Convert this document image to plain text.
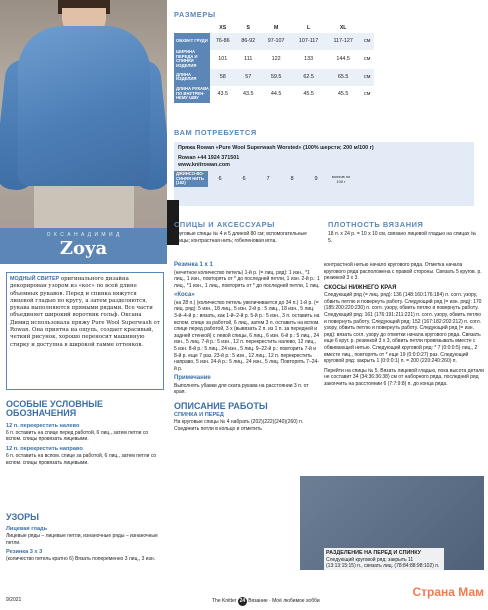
О К С А Н А Д И М И Д
Zoya
МОДНЫЙ СВИТЕР оригинального дизайна декорирован узором из «кос» по всей длине объемных рукавов. Перед и спинка вяжутся лицевой гладью по кругу, а затем разделяются, рукава выполняются прямыми рядами. Все части объединяет широкий воротник гольф. Оксана Димид использовала пряжу Pure Wool Superwash от Rowan. Она приятна на ощупь, создает красивый, четкий рисунок, хорошо переносит машинную стирку и доступна в широкой гамме оттенков.
ОСОБЫЕ УСЛОВНЫЕ ОБОЗНАЧЕНИЯ
12 п. перекрестить налево
6 п. оставить на спице перед работой, 6 лиц., затем петли со вспом. спицы провязать лицевыми.
12 п. перекрестить направо
6 п. оставить на вспом. спице за работой, 6 лиц., затем петли со вспом. спицы провязать лицевыми.
УЗОРЫ
Лицевая гладь
Лицевые ряды – лицевые петли, изнаночные ряды – изнаночные петли.
Резинка 3 х 3
(количество петель кратно 6) Вязать попеременно 3 лиц., 3 изн.
РАЗМЕРЫ
	XS	S	M	L	XL	
ОБХВАТ ГРУДИ	76-86	86-92	97-107	107-117	117-127	см
ШИРИНА ПЕРЕДА И СПИНКИ ИЗДЕЛИЯ	101	111	122	133	144.5	см
ДЛИНА ИЗДЕЛИЯ	58	57	59.5	62.5	65.5	см
ДЛИНА РУКАВА ПО ВНУТРЕН-НЕМУ ШВУ	43.5	43.5	44.5	45.5	45.5	см
ВАМ ПОТРЕБУЕТСЯ
Пряжа Rowan «Pure Wool Superwash Worsted» (100% шерсти; 200 м/100 г)
Rowan +44 1924 371501
www.knitrowan.com
ДЖИНСО-ВО-СИНЯЯ НИТЬ (162)	6	6	7	8	9	мотков по 100 г
СПИЦЫ И АКСЕССУАРЫ
Круговые спицы № 4 и 5 длиной 80 см; вспомогательные спицы; контрастная нить; гобеленовая игла.
ПЛОТНОСТЬ ВЯЗАНИЯ
18 п. х 24 р. = 10 х 10 см, связано лицевой гладью на спицах № 5.
Резинка 1 х 1
(нечетное количество петель) 1-й р. (= лиц. ряд): 1 изн., *1 лиц., 1 изн., повторять от * до последней петли, 1 изн. 2-й р.: 1 лиц., *1 изн., 1 лиц., повторять от * до последней петли, 1 лиц.
«Коса»
(на 28 п.) (количество петель увеличивается до 34 п.) 1-й р. (= лиц. ряд): 5 изн., 18 лиц., 5 изн. 2-й р.: 5 лиц., 18 изн., 5 лиц. 3-й–4-й р.: вязать, как 1-й–2-й р. 5-й р.: 5 изн., 3 п. оставить на вспом. спице за работой, 6 лиц., затем 3 п. оставить на вспом. спице перед работой, 3 х (вывязать 2 п. из 1 п. за передней и задней стенкой) с левой спицы, 6 лиц., 6 изн. 6-й р.: 5 лиц., 24 изн., 5 лиц. 7-й р.: 5 изн., 12 п. перекрестить налево, 12 лиц., 5 изн. 8-й р.: 5 лиц., 24 изн., 5 лиц. 9–22-й р.: повторить 7-й и 8-й р. еще 7 раз. 23-й р.: 5 изн., 12 лиц., 12 п. перекрестить направо, 5 изн. 24-й р.: 5 лиц., 24 изн., 5 лиц. Повторять 7–24-й р.
Примечание
Выполнять убавки для ската рукава на расстоянии 3 п. от края.
ОПИСАНИЕ РАБОТЫ
СПИНКА И ПЕРЕД
На круговые спицы № 4 набрать (202)(222)(240)(260) п. Соединить петли в кольцо и отметить
контрастной нитью начало кругового ряда. Отметка начала кругового ряда расположена с правой стороны. Связать 5 кругов. р. резинкой 3 х 3.
СКОСЫ НИЖНЕГО КРАЯ
Следующий ряд (= лиц. ряд): 136 (148:160:176:184) п. согл. узору, обвить петлю и повернуть работу. Следующий ряд (= изн. ряд): 170 (185:200:220:230) п. согл. узору, обвить петлю и повернуть работу. Следующий ряд: 161 (176:191:211:221) п. согл. узору, обвить петлю и повернуть работу. Следующий ряд: 152 (167:182:202:212) п. согл. узору, обвить петлю и повернуть работу. Следующий ряд (= изн. ряд): вязать согл. узору до отметки начала кругового ряда. Связать еще 6 круг. р. резинкой 3 х 3, обвить петли провязывать вместе с обвивающей нитью. Следующий круговой ряд: * 7 (0:0:0:5) лиц., 2 вместе лиц., повторять от * еще 19 (0:0:0:27) раз. Следующий круговой ряд: закрыть 1 (0:0:0:1) п. = 200 (220:240:260) п.
Перейти на спицы № 5. Вязать лицевой гладью, пока высота детали не составит 34 (34:36:36:38) см от наборного ряда, последний ряд закончить на расстоянии 6 (7:7:9:8) п. до конца ряда.
РАЗДЕЛЕНИЕ НА ПЕРЕД И СПИНКУ
Следующий круговой ряд: закрыть 11 (13:13:15:15) п., связать лиц. (78:84:88:98:102) п.
Страна Мам
9/2021	The Knitter 24 Вязание · Моё любимое хобби
